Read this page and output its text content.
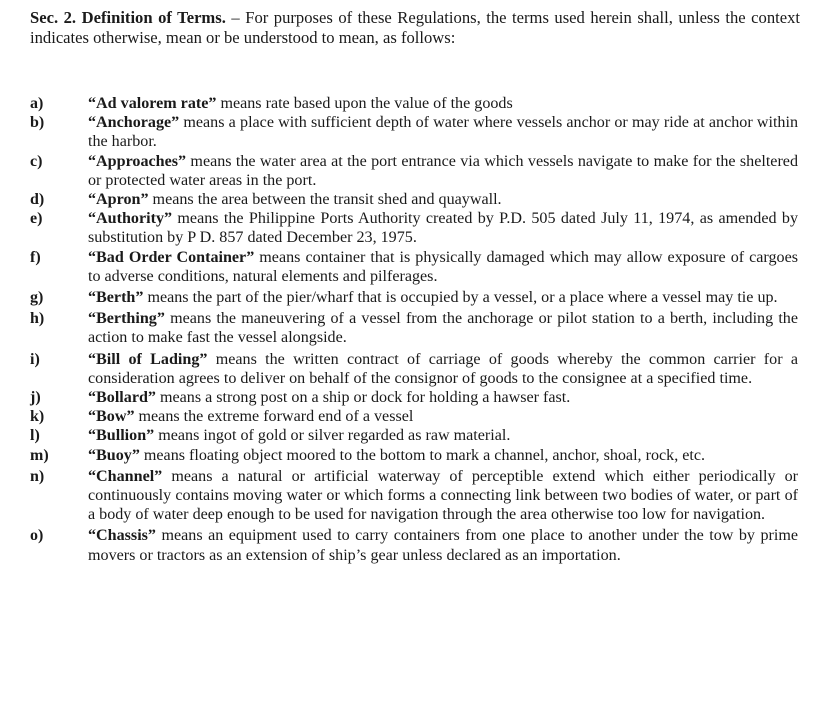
Sec. 2. Definition of Terms. – For purposes of these Regulations, the terms used herein shall, unless the context indicates otherwise, mean or be understood to mean, as follows:

a)	“Ad valorem rate” means rate based upon the value of the goods
b)	“Anchorage” means a place with sufficient depth of water where vessels anchor or may ride at anchor within the harbor.
c)	“Approaches” means the water area at the port entrance via which vessels navigate to make for the sheltered or protected water areas in the port.
d)	“Apron” means the area between the transit shed and quaywall.
e)	“Authority” means the Philippine Ports Authority created by P.D. 505 dated July 11, 1974, as amended by substitution by P D. 857 dated December 23, 1975.
f)	“Bad Order Container” means container that is physically damaged which may allow exposure of cargoes to adverse conditions, natural elements and pilferages.
g)	“Berth” means the part of the pier/wharf that is occupied by a vessel, or a place where a vessel may tie up.
h)	“Berthing” means the maneuvering of a vessel from the anchorage or pilot station to a berth, including the action to make fast the vessel alongside.
i)	“Bill of Lading” means the written contract of carriage of goods whereby the common carrier for a consideration agrees to deliver on behalf of the consignor of goods to the consignee at a specified time.
j)	“Bollard” means a strong post on a ship or dock for holding a hawser fast.
k)	“Bow” means the extreme forward end of a vessel
l)	“Bullion” means ingot of gold or silver regarded as raw material.
m) “Buoy” means floating object moored to the bottom to mark a channel, anchor, shoal, rock, etc.
n)	“Channel” means a natural or artificial waterway of perceptible extend which either periodically or continuously contains moving water or which forms a connecting link between two bodies of water, or part of a body of water deep enough to be used for navigation through the area otherwise too low for navigation.
o)	“Chassis” means an equipment used to carry containers from one place to another under the tow by prime movers or tractors as an extension of ship’s gear unless declared as an importation.
